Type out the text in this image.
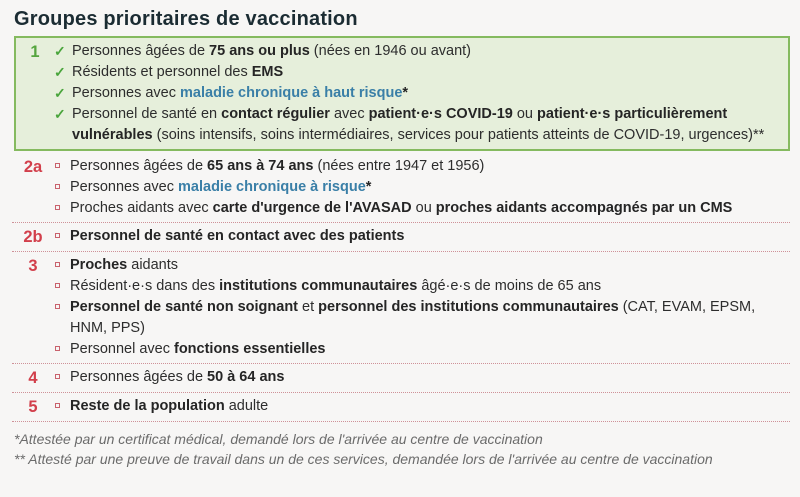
Groupes prioritaires de vaccination
1	✓ Personnes âgées de 75 ans ou plus (nées en 1946 ou avant)
✓ Résidents et personnel des EMS
✓ Personnes avec maladie chronique à haut risque*
✓ Personnel de santé en contact régulier avec patient·e·s COVID-19 ou patient·e·s particulièrement vulnérables (soins intensifs, soins intermédiaires, services pour patients atteints de COVID-19, urgences)**
2a	Personnes âgées de 65 ans à 74 ans (nées entre 1947 et 1956)
Personnes avec maladie chronique à risque*
Proches aidants avec carte d'urgence de l'AVASAD ou proches aidants accompagnés par un CMS
2b	Personnel de santé en contact avec des patients
3	Proches aidants
Résident·e·s dans des institutions communautaires âgé·e·s de moins de 65 ans
Personnel de santé non soignant et personnel des institutions communautaires (CAT, EVAM, EPSM, HNM, PPS)
Personnel avec fonctions essentielles
4	Personnes âgées de 50 à 64 ans
5	Reste de la population adulte
*Attestée par un certificat médical, demandé lors de l'arrivée au centre de vaccination
** Attesté par une preuve de travail dans un de ces services, demandée lors de l'arrivée au centre de vaccination
